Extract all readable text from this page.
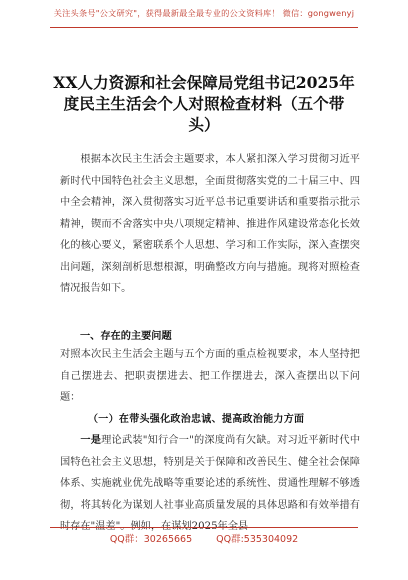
关注头条号"公文研究"，获得最新最全最专业的公文资料库！ 微信：gongwenyj
XX人力资源和社会保障局党组书记2025年度民主生活会个人对照检查材料（五个带头）

根据本次民主生活会主题要求，本人紧扣深入学习贯彻习近平新时代中国特色社会主义思想，全面贯彻落实党的二十届三中、四中全会精神，深入贯彻落实习近平总书记重要讲话和重要指示批示精神，锲而不舍落实中央八项规定精神、推进作风建设常态化长效化的核心要义，紧密联系个人思想、学习和工作实际，深入查摆突出问题，深刻剖析思想根源，明确整改方向与措施。现将对照检查情况报告如下。

一、存在的主要问题

对照本次民主生活会主题与五个方面的重点检视要求，本人坚持把自己摆进去、把职责摆进去、把工作摆进去，深入查摆出以下问题：

（一）在带头强化政治忠诚、提高政治能力方面

一是理论武装"知行合一"的深度尚有欠缺。对习近平新时代中国特色社会主义思想，特别是关于保障和改善民生、健全社会保障体系、实施就业优先战略等重要论述的系统性、贯通性理解不够透彻，将其转化为谋划人社事业高质量发展的具体思路和有效举措有

QQ群：30265665	QQ群:535304092
